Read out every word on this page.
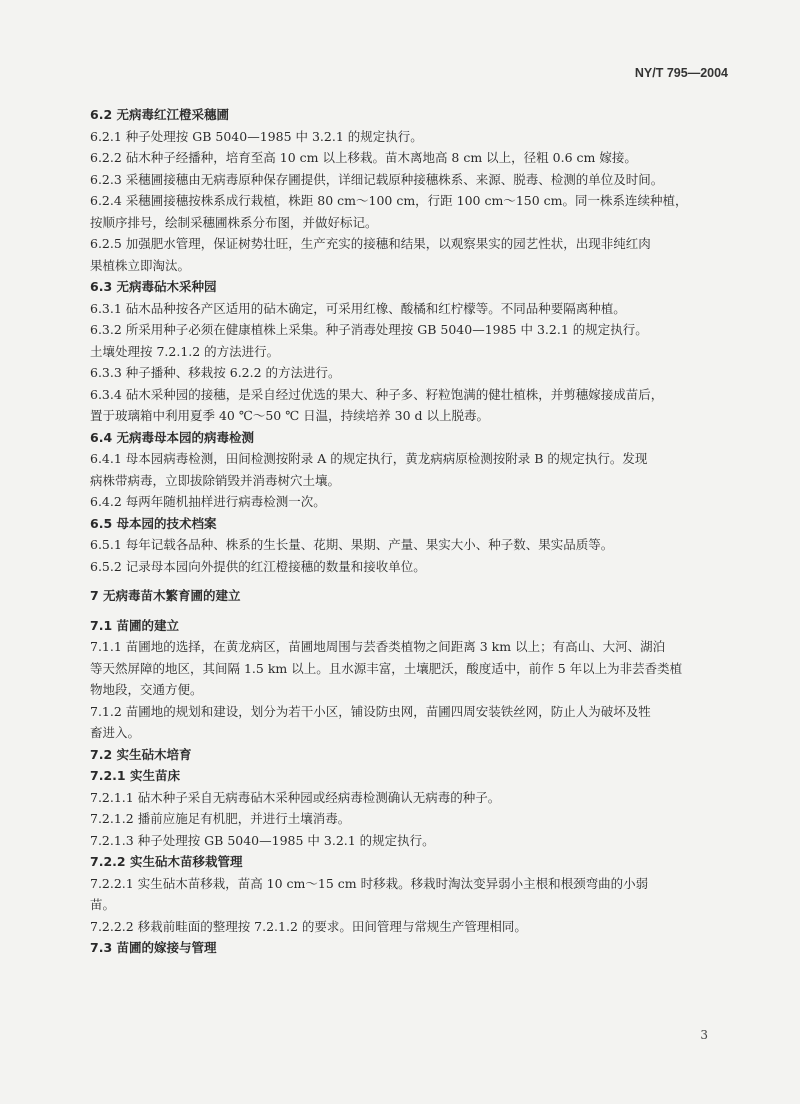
NY/T 795—2004

6.2 无病毒红江橙采穗圃

6.2.1 种子处理按 GB 5040—1985 中 3.2.1 的规定执行。

6.2.2 砧木种子经播种，培育至高 10 cm 以上移栽。苗木离地高 8 cm 以上，径粗 0.6 cm 嫁接。

6.2.3 采穗圃接穗由无病毒原种保存圃提供，详细记载原种接穗株系、来源、脱毒、检测的单位及时间。

6.2.4 采穗圃接穗按株系成行栽植，株距 80 cm～100 cm，行距 100 cm～150 cm。同一株系连续种植，

按顺序排号，绘制采穗圃株系分布图，并做好标记。

6.2.5 加强肥水管理，保证树势壮旺，生产充实的接穗和结果，以观察果实的园艺性状，出现非纯红肉

果植株立即淘汰。

6.3 无病毒砧木采种园

6.3.1 砧木品种按各产区适用的砧木确定，可采用红橡、酸橘和红柠檬等。不同品种要隔离种植。

6.3.2 所采用种子必须在健康植株上采集。种子消毒处理按 GB 5040—1985 中 3.2.1 的规定执行。

土壤处理按 7.2.1.2 的方法进行。

6.3.3 种子播种、移栽按 6.2.2 的方法进行。

6.3.4 砧木采种园的接穗，是采自经过优选的果大、种子多、籽粒饱满的健壮植株，并剪穗嫁接成苗后，

置于玻璃箱中利用夏季 40 ℃～50 ℃ 日温，持续培养 30 d 以上脱毒。

6.4 无病毒母本园的病毒检测

6.4.1 母本园病毒检测，田间检测按附录 A 的规定执行，黄龙病病原检测按附录 B 的规定执行。发现

病株带病毒，立即拔除销毁并消毒树穴土壤。

6.4.2 每两年随机抽样进行病毒检测一次。

6.5 母本园的技术档案

6.5.1 每年记载各品种、株系的生长量、花期、果期、产量、果实大小、种子数、果实品质等。

6.5.2 记录母本园向外提供的红江橙接穗的数量和接收单位。

7 无病毒苗木繁育圃的建立

7.1 苗圃的建立

7.1.1 苗圃地的选择，在黄龙病区，苗圃地周围与芸香类植物之间距离 3 km 以上；有高山、大河、湖泊

等天然屏障的地区，其间隔 1.5 km 以上。且水源丰富，土壤肥沃，酸度适中，前作 5 年以上为非芸香类植

物地段，交通方便。

7.1.2 苗圃地的规划和建设，划分为若干小区，铺设防虫网，苗圃四周安装铁丝网，防止人为破坏及牲

畜进入。

7.2 实生砧木培育

7.2.1 实生苗床

7.2.1.1 砧木种子采自无病毒砧木采种园或经病毒检测确认无病毒的种子。

7.2.1.2 播前应施足有机肥，并进行土壤消毒。

7.2.1.3 种子处理按 GB 5040—1985 中 3.2.1 的规定执行。

7.2.2 实生砧木苗移栽管理

7.2.2.1 实生砧木苗移栽，苗高 10 cm～15 cm 时移栽。移栽时淘汰变异弱小主根和根颈弯曲的小弱

苗。

7.2.2.2 移栽前畦面的整理按 7.2.1.2 的要求。田间管理与常规生产管理相同。

7.3 苗圃的嫁接与管理

3
